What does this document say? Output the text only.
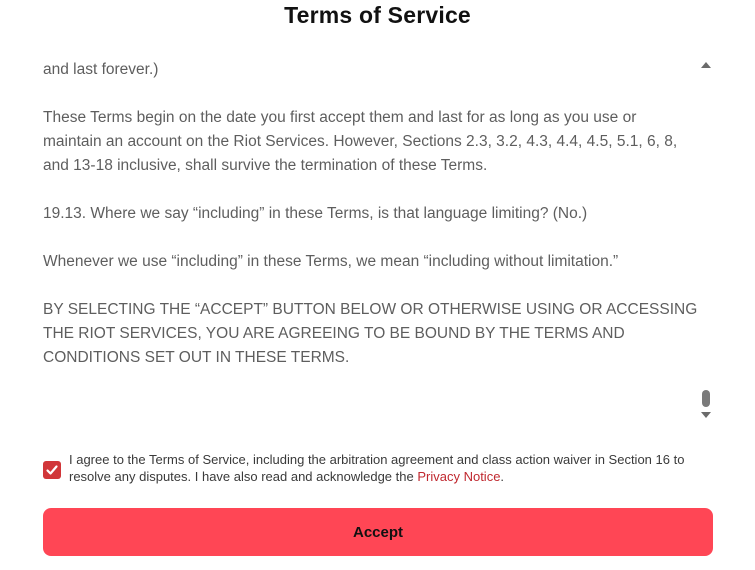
Terms of Service

and last forever.)

These Terms begin on the date you first accept them and last for as long as you use or maintain an account on the Riot Services. However, Sections 2.3, 3.2, 4.3, 4.4, 4.5, 5.1, 6, 8, and 13-18 inclusive, shall survive the termination of these Terms.

19.13. Where we say “including” in these Terms, is that language limiting? (No.)

Whenever we use “including” in these Terms, we mean “including without limitation.”

BY SELECTING THE “ACCEPT” BUTTON BELOW OR OTHERWISE USING OR ACCESSING THE RIOT SERVICES, YOU ARE AGREEING TO BE BOUND BY THE TERMS AND CONDITIONS SET OUT IN THESE TERMS.

I agree to the Terms of Service, including the arbitration agreement and class action waiver in Section 16 to resolve any disputes. I have also read and acknowledge the Privacy Notice.
Accept
